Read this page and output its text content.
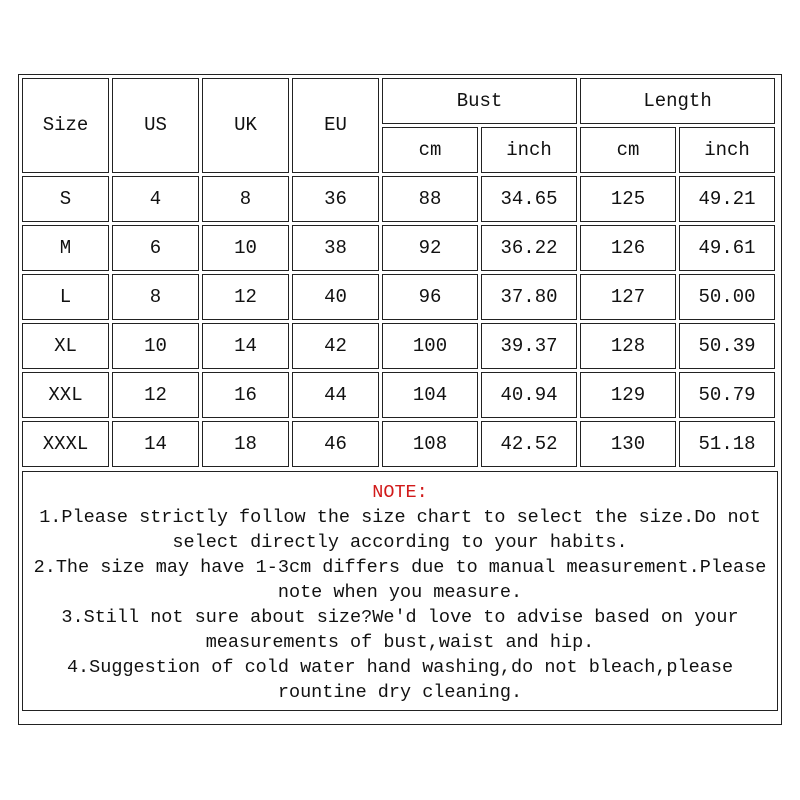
Size	US	UK	EU	Bust		Length	
				cm	inch	cm	inch
S	4	8	36	88	34.65	125	49.21
M	6	10	38	92	36.22	126	49.61
L	8	12	40	96	37.80	127	50.00
XL	10	14	42	100	39.37	128	50.39
XXL	12	16	44	104	40.94	129	50.79
XXXL	14	18	46	108	42.52	130	51.18
NOTE:
1.Please strictly follow the size chart to select the size.Do not
select directly according to your habits.
2.The size may have 1-3cm differs due to manual measurement.Please
note when you measure.
3.Still not sure about size?We'd love to advise based on your
measurements of bust,waist and hip.
4.Suggestion of cold water hand washing,do not bleach,please
rountine dry cleaning.
